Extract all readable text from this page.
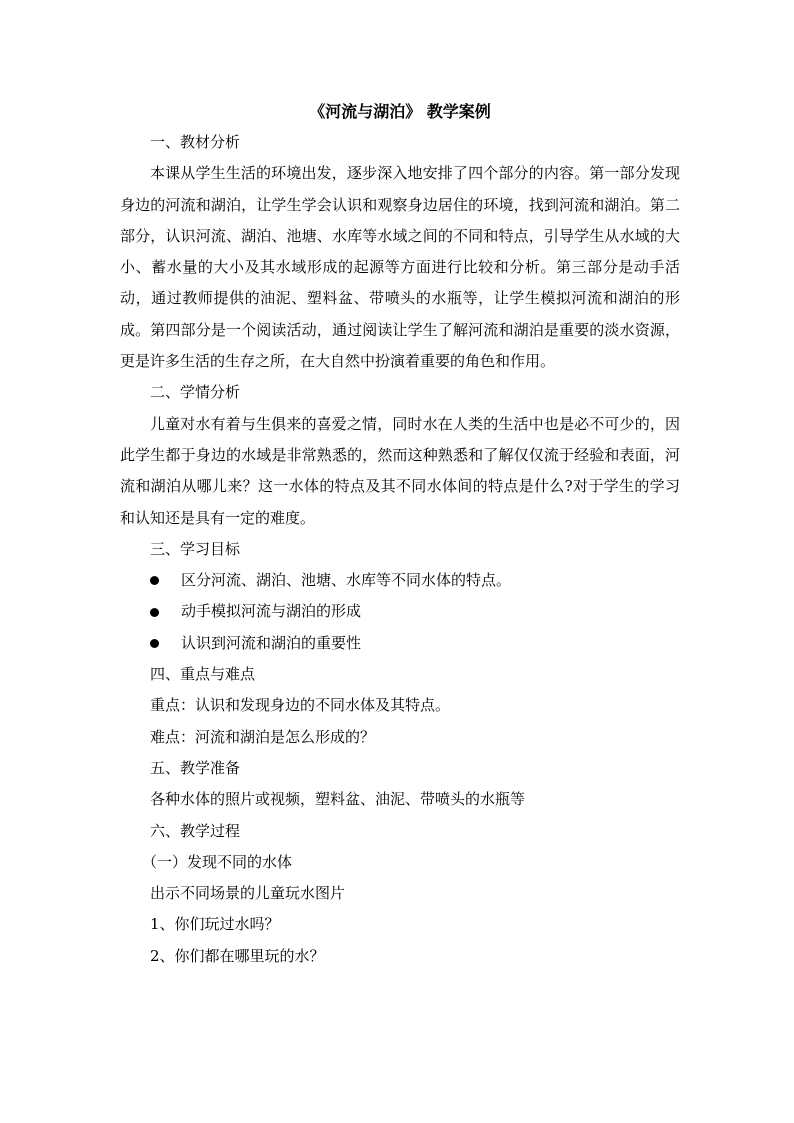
《河流与湖泊》 教学案例

一、教材分析

本课从学生生活的环境出发，逐步深入地安排了四个部分的内容。第一部分发现身边的河流和湖泊，让学生学会认识和观察身边居住的环境，找到河流和湖泊。第二部分，认识河流、湖泊、池塘、水库等水域之间的不同和特点，引导学生从水域的大小、蓄水量的大小及其水域形成的起源等方面进行比较和分析。第三部分是动手活动，通过教师提供的油泥、塑料盆、带喷头的水瓶等，让学生模拟河流和湖泊的形成。第四部分是一个阅读活动，通过阅读让学生了解河流和湖泊是重要的淡水资源，更是许多生活的生存之所，在大自然中扮演着重要的角色和作用。

二、学情分析

儿童对水有着与生俱来的喜爱之情，同时水在人类的生活中也是必不可少的，因此学生都于身边的水域是非常熟悉的，然而这种熟悉和了解仅仅流于经验和表面，河流和湖泊从哪儿来？这一水体的特点及其不同水体间的特点是什么?对于学生的学习和认知还是具有一定的难度。

三、学习目标

区分河流、湖泊、池塘、水库等不同水体的特点。
动手模拟河流与湖泊的形成
认识到河流和湖泊的重要性

四、重点与难点

重点：认识和发现身边的不同水体及其特点。

难点：河流和湖泊是怎么形成的？

五、教学准备

各种水体的照片或视频，塑料盆、油泥、带喷头的水瓶等

六、教学过程

（一）发现不同的水体

出示不同场景的儿童玩水图片

1、你们玩过水吗？

2、你们都在哪里玩的水？
